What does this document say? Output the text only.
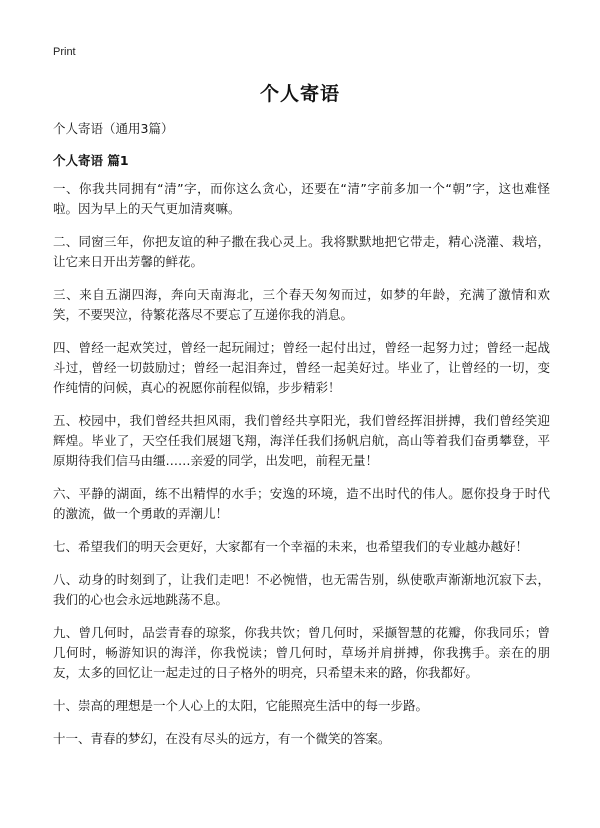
Print
个人寄语
个人寄语（通用3篇）
个人寄语 篇1

一、你我共同拥有“清”字，而你这么贪心，还要在“清”字前多加一个“朝”字，这也难怪啦。因为早上的天气更加清爽嘛。

二、同窗三年，你把友谊的种子撒在我心灵上。我将默默地把它带走，精心浇灌、栽培，让它来日开出芳馨的鲜花。

三、来自五湖四海，奔向天南海北，三个春天匆匆而过，如梦的年龄，充满了激情和欢笑，不要哭泣，待繁花落尽不要忘了互递你我的消息。

四、曾经一起欢笑过，曾经一起玩闹过；曾经一起付出过，曾经一起努力过；曾经一起战斗过，曾经一切鼓励过；曾经一起泪奔过，曾经一起美好过。毕业了，让曾经的一切，变作纯情的问候，真心的祝愿你前程似锦，步步精彩！

五、校园中，我们曾经共担风雨，我们曾经共享阳光，我们曾经挥泪拼搏，我们曾经笑迎辉煌。毕业了，天空任我们展翅飞翔，海洋任我们扬帆启航，高山等着我们奋勇攀登，平原期待我们信马由缰……亲爱的同学，出发吧，前程无量！

六、平静的湖面，练不出精悍的水手；安逸的环境，造不出时代的伟人。愿你投身于时代的激流，做一个勇敢的弄潮儿！

七、希望我们的明天会更好，大家都有一个幸福的未来，也希望我们的专业越办越好！

八、动身的时刻到了，让我们走吧！不必惋惜，也无需告别，纵使歌声渐渐地沉寂下去，我们的心也会永远地跳荡不息。

九、曾几何时，品尝青春的琼浆，你我共饮；曾几何时，采撷智慧的花瓣，你我同乐；曾几何时，畅游知识的海洋，你我悦读；曾几何时，草场并肩拼搏，你我携手。亲在的朋友，太多的回忆让一起走过的日子格外的明亮，只希望未来的路，你我都好。

十、崇高的理想是一个人心上的太阳，它能照亮生活中的每一步路。

十一、青春的梦幻，在没有尽头的远方，有一个微笑的答案。
